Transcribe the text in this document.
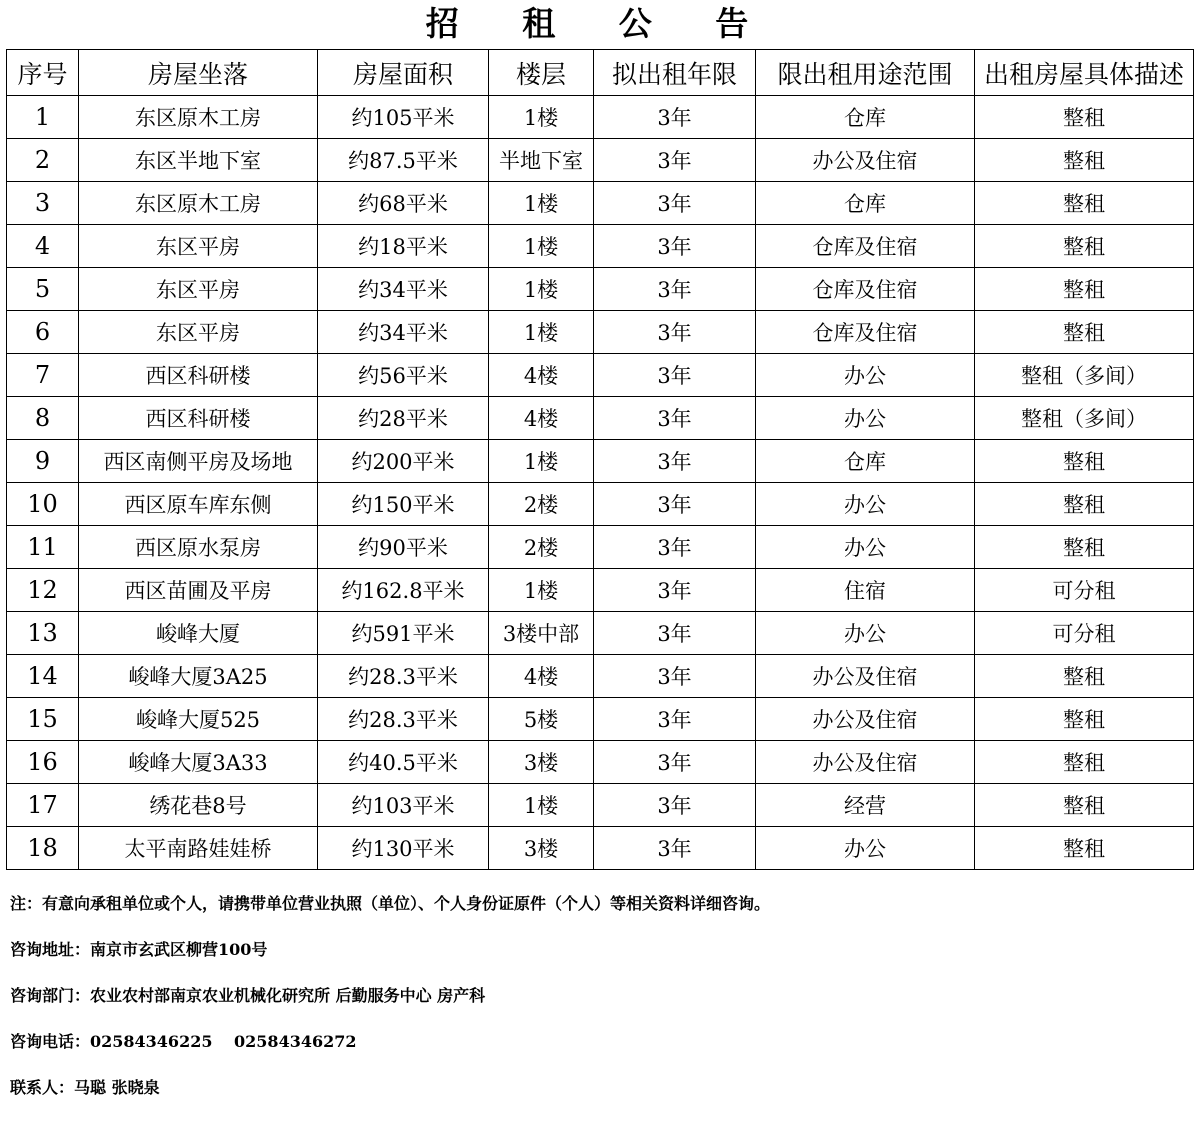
招 租 公 告
序号	房屋坐落	房屋面积	楼层	拟出租年限	限出租用途范围	出租房屋具体描述
1	东区原木工房	约105平米	1楼	3年	仓库	整租
2	东区半地下室	约87.5平米	半地下室	3年	办公及住宿	整租
3	东区原木工房	约68平米	1楼	3年	仓库	整租
4	东区平房	约18平米	1楼	3年	仓库及住宿	整租
5	东区平房	约34平米	1楼	3年	仓库及住宿	整租
6	东区平房	约34平米	1楼	3年	仓库及住宿	整租
7	西区科研楼	约56平米	4楼	3年	办公	整租（多间）
8	西区科研楼	约28平米	4楼	3年	办公	整租（多间）
9	西区南侧平房及场地	约200平米	1楼	3年	仓库	整租
10	西区原车库东侧	约150平米	2楼	3年	办公	整租
11	西区原水泵房	约90平米	2楼	3年	办公	整租
12	西区苗圃及平房	约162.8平米	1楼	3年	住宿	可分租
13	峻峰大厦	约591平米	3楼中部	3年	办公	可分租
14	峻峰大厦3A25	约28.3平米	4楼	3年	办公及住宿	整租
15	峻峰大厦525	约28.3平米	5楼	3年	办公及住宿	整租
16	峻峰大厦3A33	约40.5平米	3楼	3年	办公及住宿	整租
17	绣花巷8号	约103平米	1楼	3年	经营	整租
18	太平南路娃娃桥	约130平米	3楼	3年	办公	整租
注：有意向承租单位或个人，请携带单位营业执照（单位）、个人身份证原件（个人）等相关资料详细咨询。
咨询地址：南京市玄武区柳营100号
咨询部门：农业农村部南京农业机械化研究所 后勤服务中心 房产科
咨询电话：02584346225　 02584346272
联系人：马聪 张晓泉
